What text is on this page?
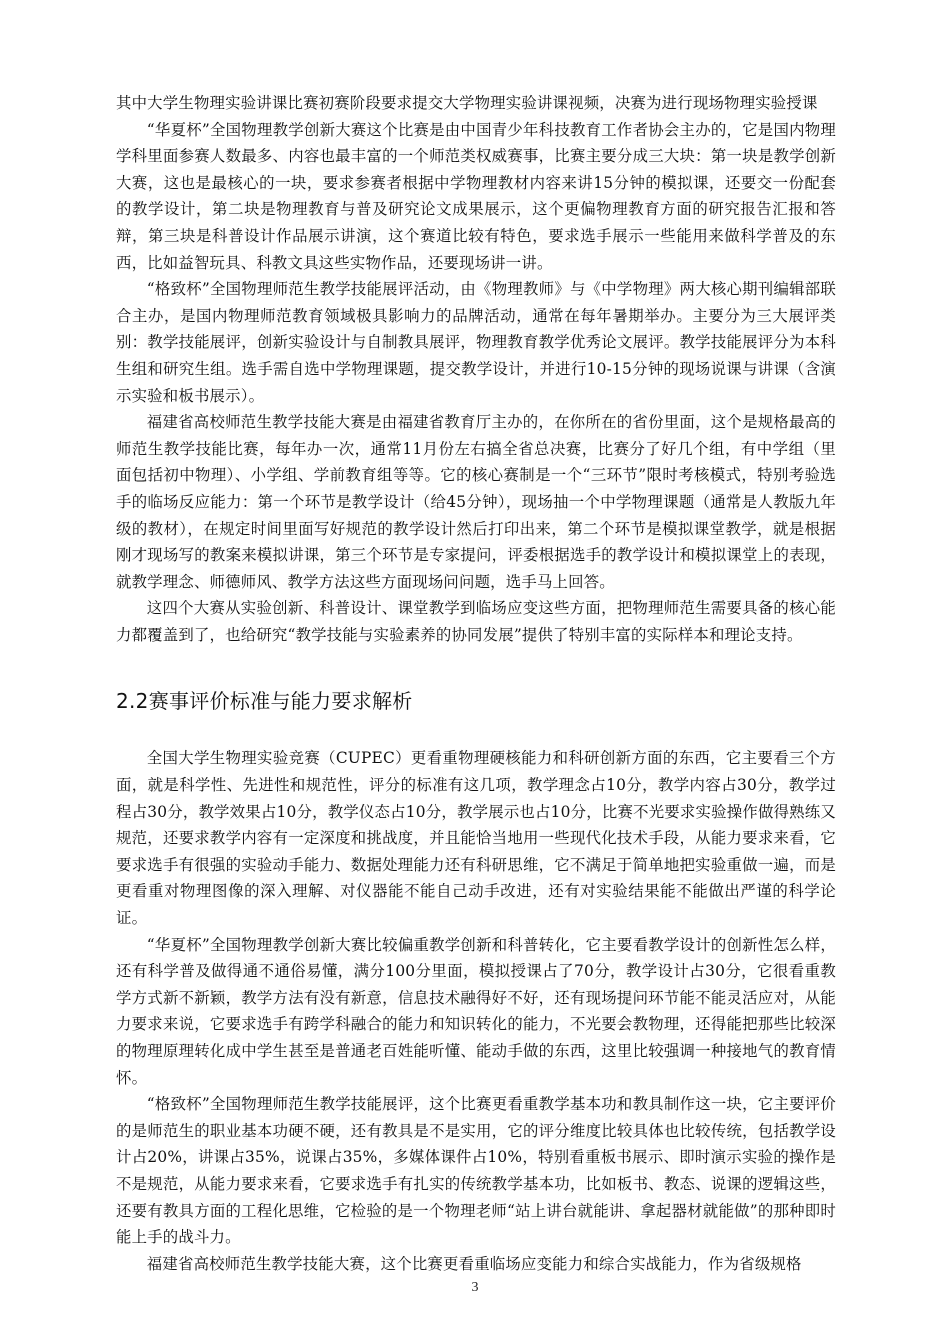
其中大学生物理实验讲课比赛初赛阶段要求提交大学物理实验讲课视频，决赛为进行现场物理实验授课

“华夏杯”全国物理教学创新大赛这个比赛是由中国青少年科技教育工作者协会主办的，它是国内物理学科里面参赛人数最多、内容也最丰富的一个师范类权威赛事，比赛主要分成三大块：第一块是教学创新大赛，这也是最核心的一块，要求参赛者根据中学物理教材内容来讲15分钟的模拟课，还要交一份配套的教学设计，第二块是物理教育与普及研究论文成果展示，这个更偏物理教育方面的研究报告汇报和答辩，第三块是科普设计作品展示讲演，这个赛道比较有特色，要求选手展示一些能用来做科学普及的东西，比如益智玩具、科教文具这些实物作品，还要现场讲一讲。

“格致杯”全国物理师范生教学技能展评活动，由《物理教师》与《中学物理》两大核心期刊编辑部联合主办，是国内物理师范教育领域极具影响力的品牌活动，通常在每年暑期举办。主要分为三大展评类别：教学技能展评，创新实验设计与自制教具展评，物理教育教学优秀论文展评。教学技能展评分为本科生组和研究生组。选手需自选中学物理课题，提交教学设计，并进行10-15分钟的现场说课与讲课（含演示实验和板书展示）。

福建省高校师范生教学技能大赛是由福建省教育厅主办的，在你所在的省份里面，这个是规格最高的师范生教学技能比赛，每年办一次，通常11月份左右搞全省总决赛，比赛分了好几个组，有中学组（里面包括初中物理）、小学组、学前教育组等等。它的核心赛制是一个“三环节”限时考核模式，特别考验选手的临场反应能力：第一个环节是教学设计（给45分钟），现场抽一个中学物理课题（通常是人教版九年级的教材），在规定时间里面写好规范的教学设计然后打印出来，第二个环节是模拟课堂教学，就是根据刚才现场写的教案来模拟讲课，第三个环节是专家提问，评委根据选手的教学设计和模拟课堂上的表现，就教学理念、师德师风、教学方法这些方面现场问问题，选手马上回答。

这四个大赛从实验创新、科普设计、课堂教学到临场应变这些方面，把物理师范生需要具备的核心能力都覆盖到了，也给研究“教学技能与实验素养的协同发展”提供了特别丰富的实际样本和理论支持。

2.2赛事评价标准与能力要求解析

全国大学生物理实验竞赛（CUPEC）更看重物理硬核能力和科研创新方面的东西，它主要看三个方面，就是科学性、先进性和规范性，评分的标准有这几项，教学理念占10分，教学内容占30分，教学过程占30分，教学效果占10分，教学仪态占10分，教学展示也占10分，比赛不光要求实验操作做得熟练又规范，还要求教学内容有一定深度和挑战度，并且能恰当地用一些现代化技术手段，从能力要求来看，它要求选手有很强的实验动手能力、数据处理能力还有科研思维，它不满足于简单地把实验重做一遍，而是更看重对物理图像的深入理解、对仪器能不能自己动手改进，还有对实验结果能不能做出严谨的科学论证。

“华夏杯”全国物理教学创新大赛比较偏重教学创新和科普转化，它主要看教学设计的创新性怎么样，还有科学普及做得通不通俗易懂，满分100分里面，模拟授课占了70分，教学设计占30分，它很看重教学方式新不新颖，教学方法有没有新意，信息技术融得好不好，还有现场提问环节能不能灵活应对，从能力要求来说，它要求选手有跨学科融合的能力和知识转化的能力，不光要会教物理，还得能把那些比较深的物理原理转化成中学生甚至是普通老百姓能听懂、能动手做的东西，这里比较强调一种接地气的教育情怀。

“格致杯”全国物理师范生教学技能展评，这个比赛更看重教学基本功和教具制作这一块，它主要评价的是师范生的职业基本功硬不硬，还有教具是不是实用，它的评分维度比较具体也比较传统，包括教学设计占20%，讲课占35%，说课占35%，多媒体课件占10%，特别看重板书展示、即时演示实验的操作是不是规范，从能力要求来看，它要求选手有扎实的传统教学基本功，比如板书、教态、说课的逻辑这些，还要有教具方面的工程化思维，它检验的是一个物理老师“站上讲台就能讲、拿起器材就能做”的那种即时能上手的战斗力。

福建省高校师范生教学技能大赛，这个比赛更看重临场应变能力和综合实战能力，作为省级规格

3
